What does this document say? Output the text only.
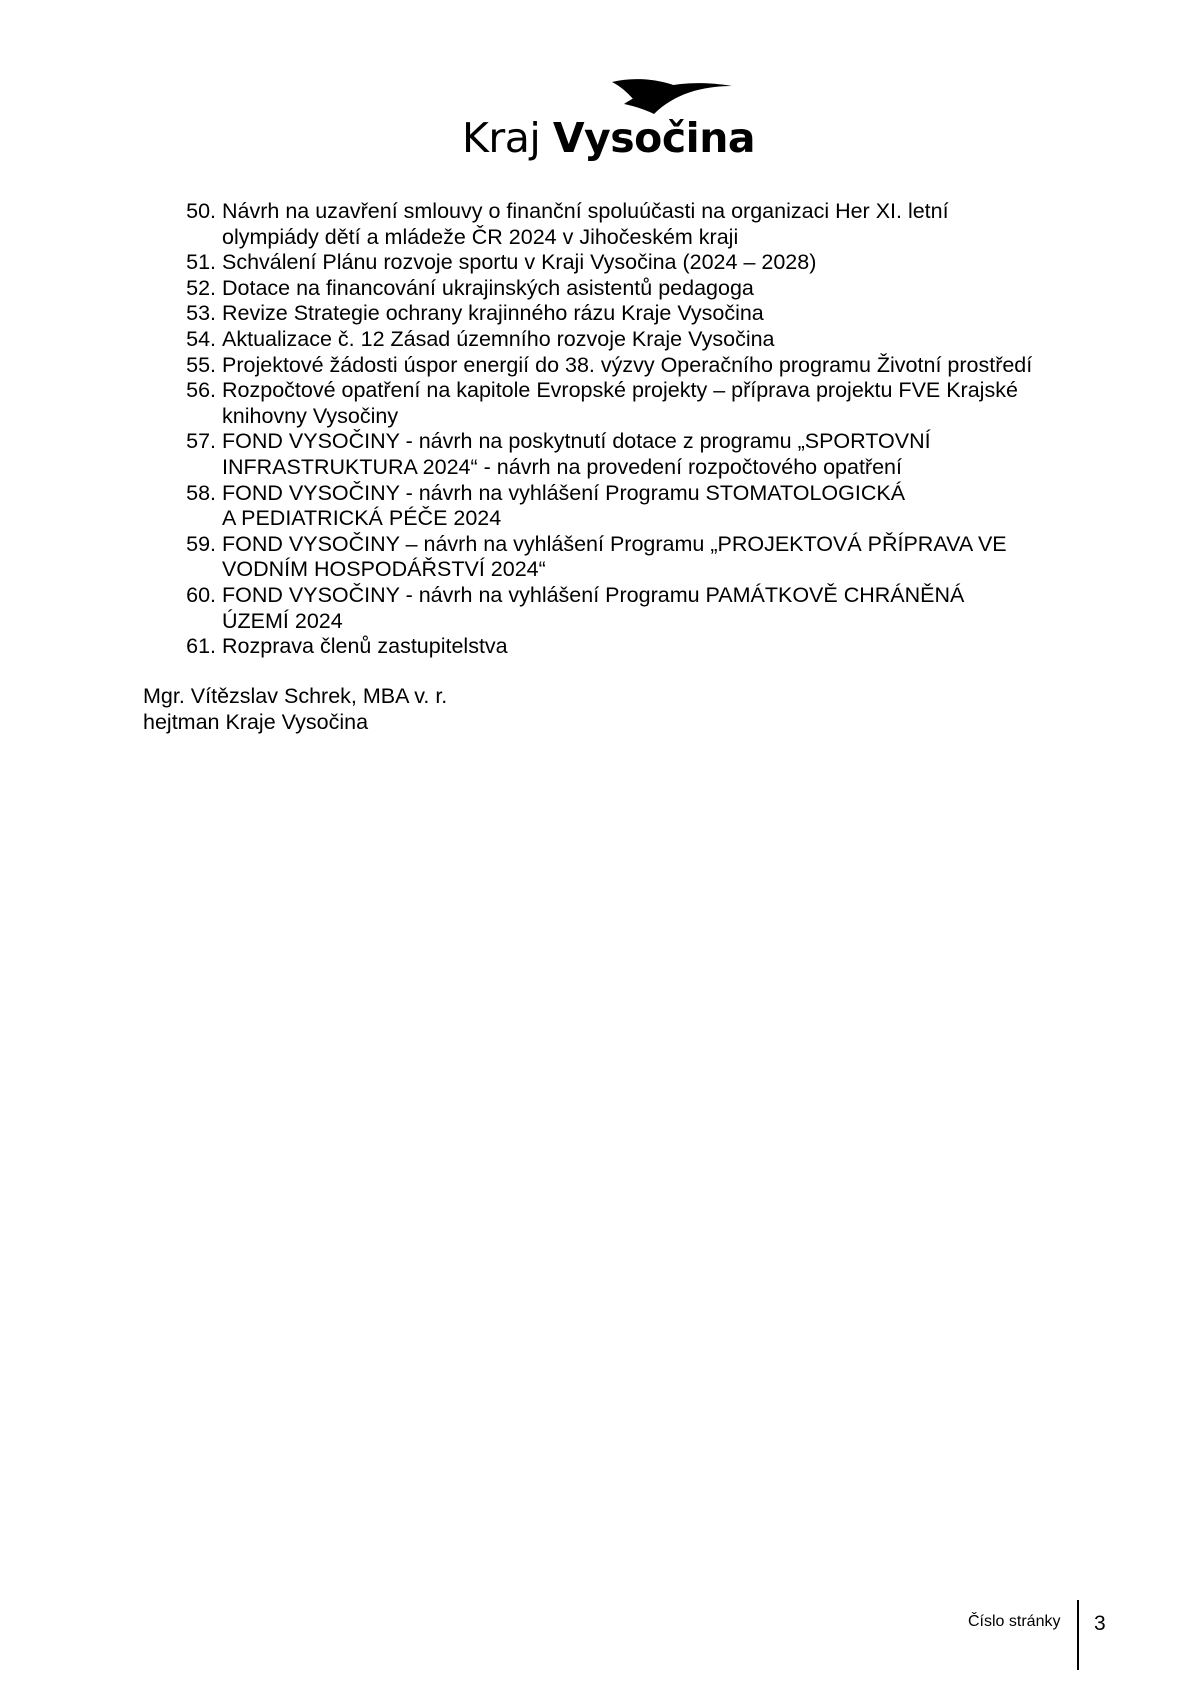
Kraj Vysočina
50. Návrh na uzavření smlouvy o finanční spoluúčasti na organizaci Her XI. letní
olympiády dětí a mládeže ČR 2024 v Jihočeském kraji
51. Schválení Plánu rozvoje sportu v Kraji Vysočina (2024 – 2028)
52. Dotace na financování ukrajinských asistentů pedagoga
53. Revize Strategie ochrany krajinného rázu Kraje Vysočina
54. Aktualizace č. 12 Zásad územního rozvoje Kraje Vysočina
55. Projektové žádosti úspor energií do 38. výzvy Operačního programu Životní prostředí
56. Rozpočtové opatření na kapitole Evropské projekty – příprava projektu FVE Krajské
knihovny Vysočiny
57. FOND VYSOČINY - návrh na poskytnutí dotace z programu „SPORTOVNÍ
INFRASTRUKTURA 2024“ - návrh na provedení rozpočtového opatření
58. FOND VYSOČINY - návrh na vyhlášení Programu STOMATOLOGICKÁ
A PEDIATRICKÁ PÉČE 2024
59. FOND VYSOČINY – návrh na vyhlášení Programu „PROJEKTOVÁ PŘÍPRAVA VE
VODNÍM HOSPODÁŘSTVÍ 2024“
60. FOND VYSOČINY - návrh na vyhlášení Programu PAMÁTKOVĚ CHRÁNĚNÁ
ÚZEMÍ 2024
61. Rozprava členů zastupitelstva
Mgr. Vítězslav Schrek, MBA v. r.
hejtman Kraje Vysočina
Číslo stránky 3
